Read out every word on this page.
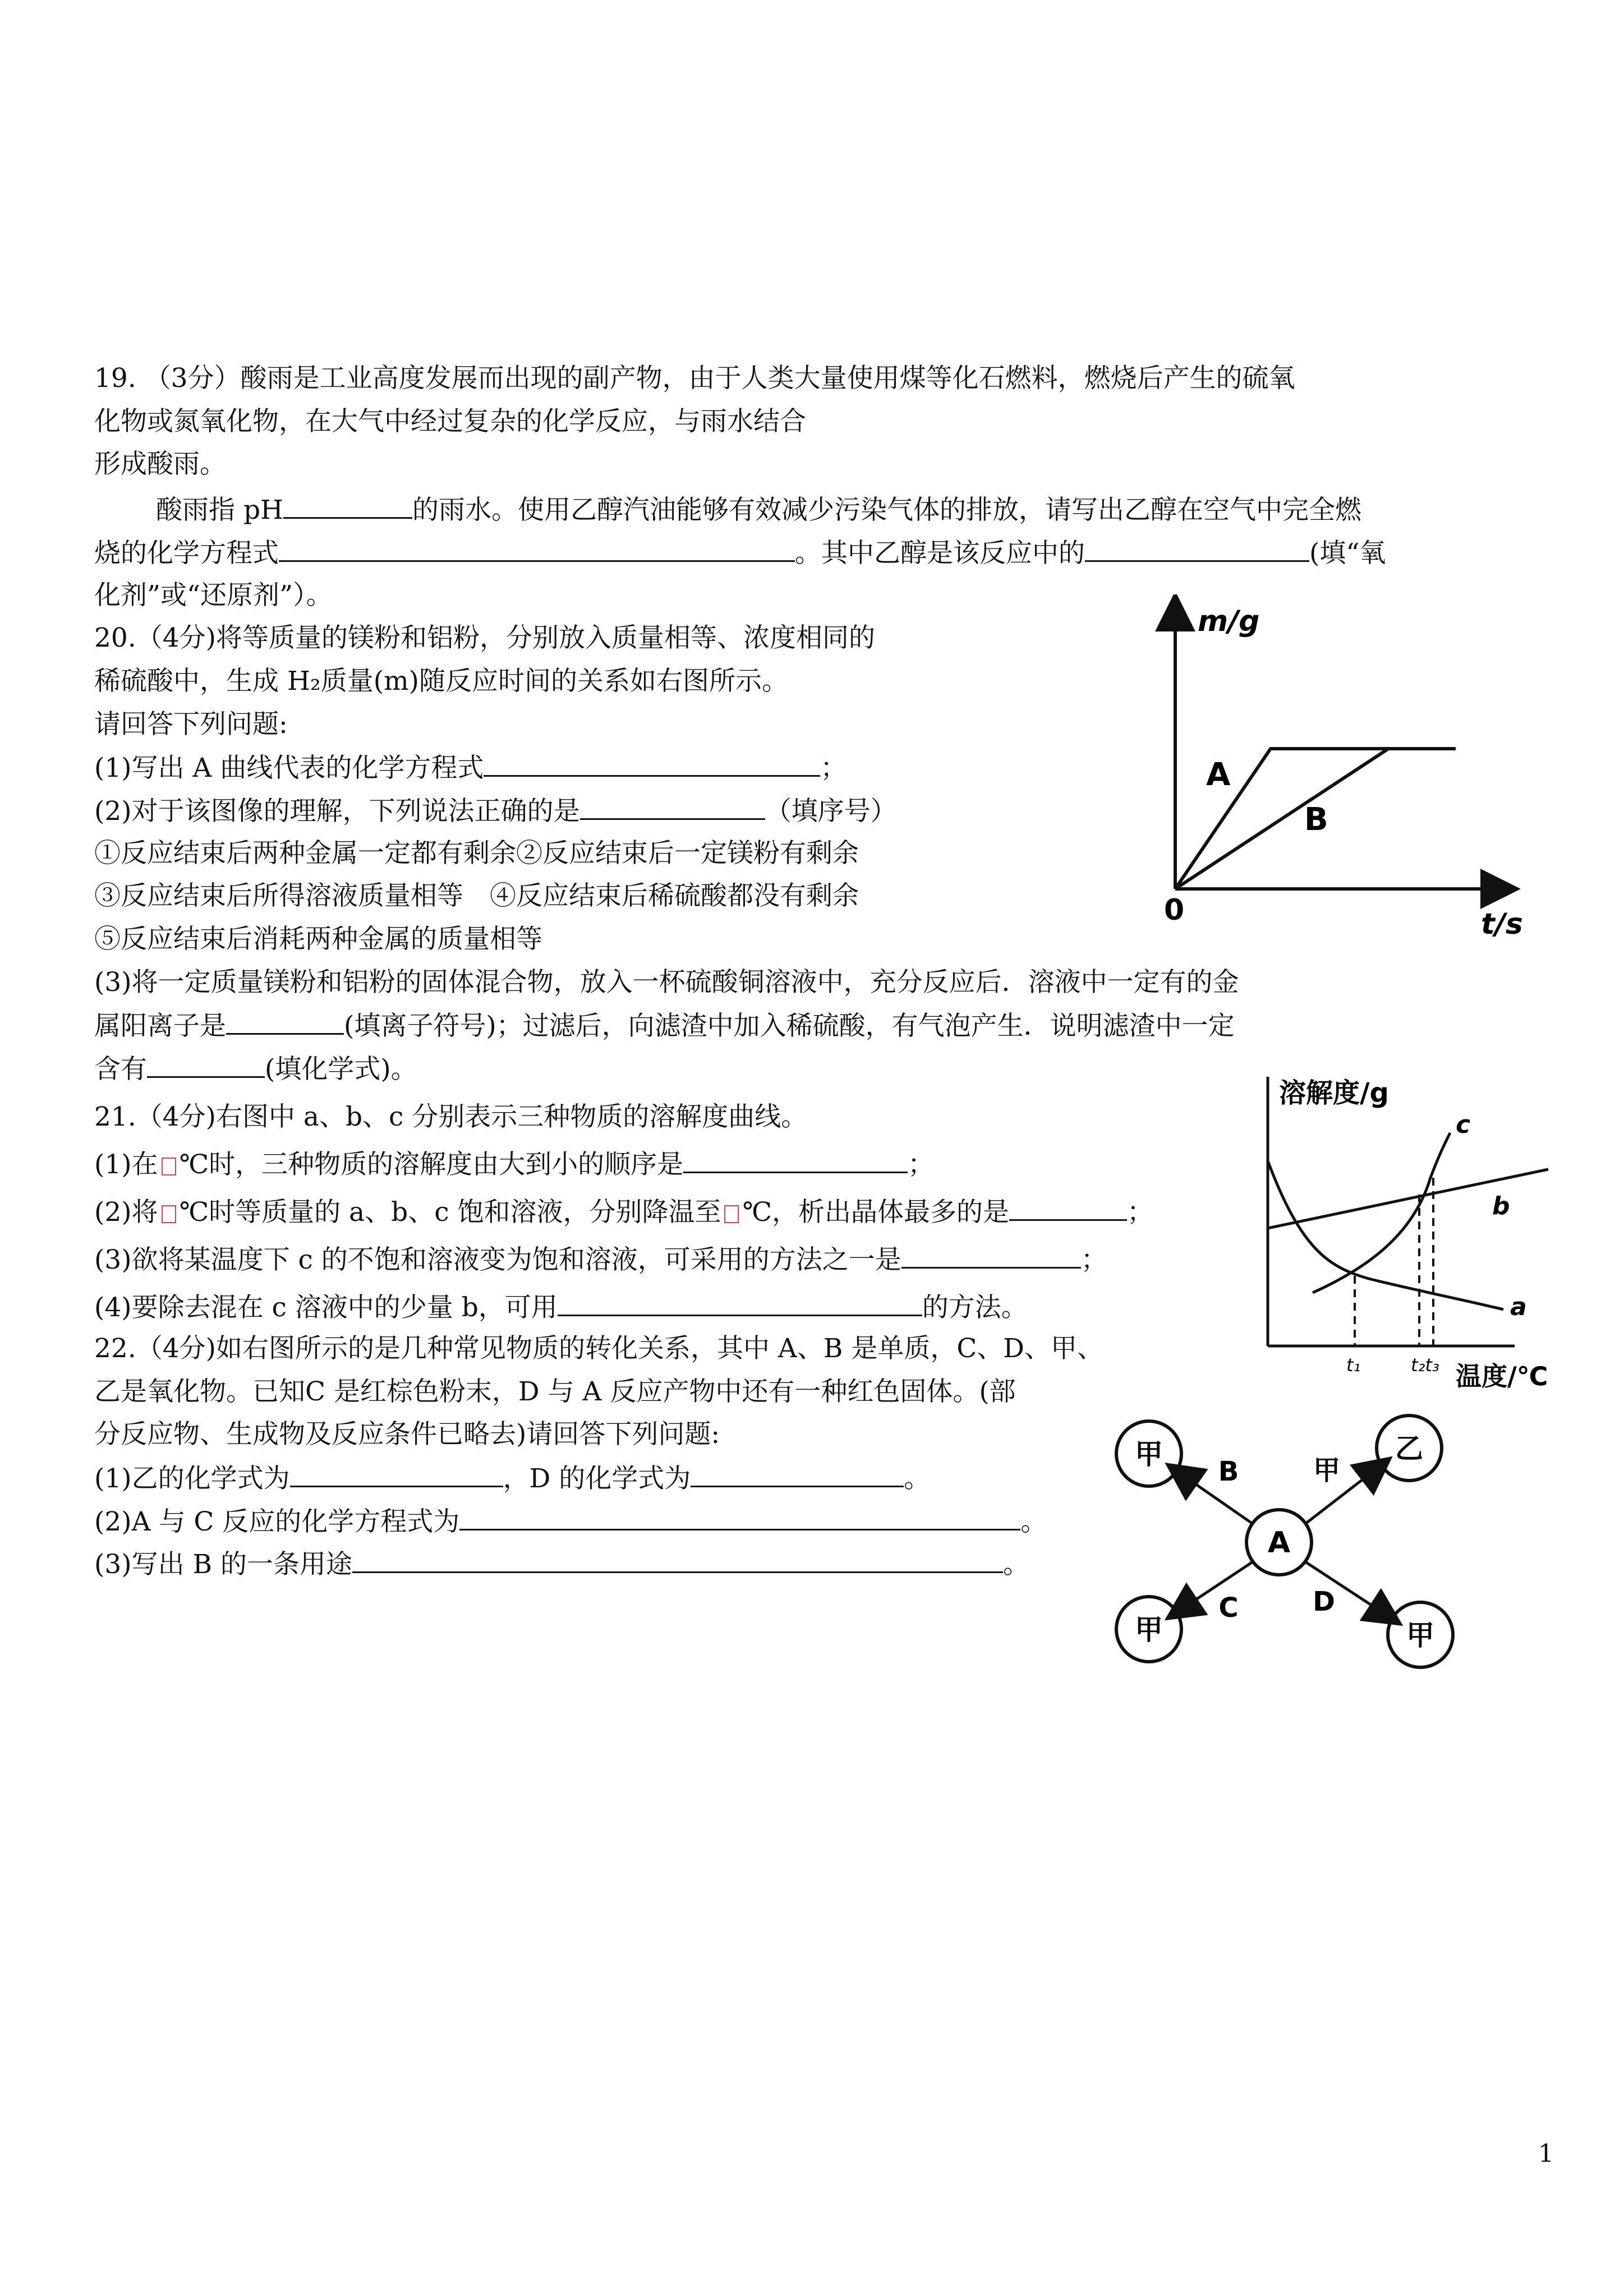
19. （3分）酸雨是工业高度发展而出现的副产物，由于人类大量使用煤等化石燃料，燃烧后产生的硫氧
化物或氮氧化物，在大气中经过复杂的化学反应，与雨水结合
形成酸雨。
酸雨指 pH	的雨水。使用乙醇汽油能够有效减少污染气体的排放，请写出乙醇在空气中完全燃
烧的化学方程式	。其中乙醇是该反应中的	(填“氧
化剂”或“还原剂”）。
20.（4分)将等质量的镁粉和铝粉，分别放入质量相等、浓度相同的
稀硫酸中，生成 H₂质量(m)随反应时间的关系如右图所示。
请回答下列问题:
(1)写出 A 曲线代表的化学方程式	；
(2)对于该图像的理解，下列说法正确的是	（填序号）
①反应结束后两种金属一定都有剩余②反应结束后一定镁粉有剩余
③反应结束后所得溶液质量相等　④反应结束后稀硫酸都没有剩余
⑤反应结束后消耗两种金属的质量相等
(3)将一定质量镁粉和铝粉的固体混合物，放入一杯硫酸铜溶液中，充分反应后．溶液中一定有的金
属阳离子是	(填离子符号)；过滤后，向滤渣中加入稀硫酸，有气泡产生．说明滤渣中一定
含有	(填化学式)。
21.（4分)右图中 a、b、c 分别表示三种物质的溶解度曲线。
(1)在 ℃时，三种物质的溶解度由大到小的顺序是	；
(2)将 ℃时等质量的 a、b、c 饱和溶液，分别降温至 ℃，析出晶体最多的是	；
(3)欲将某温度下 c 的不饱和溶液变为饱和溶液，可采用的方法之一是	；
(4)要除去混在 c 溶液中的少量 b，可用	的方法。
22.（4分)如右图所示的是几种常见物质的转化关系，其中 A、B 是单质，C、D、甲、
乙是氧化物。已知C 是红棕色粉末，D 与 A 反应产物中还有一种红色固体。(部
分反应物、生成物及反应条件已略去)请回答下列问题:
(1)乙的化学式为	，D 的化学式为	。
(2)A 与 C 反应的化学方程式为	。
(3)写出 B 的一条用途	。
m/g
t/s
0
A
B
溶解度/g
温度/℃
t₁	t₂t₃
a
b
c
A
甲	乙
甲	甲
B	甲
C	D
1
